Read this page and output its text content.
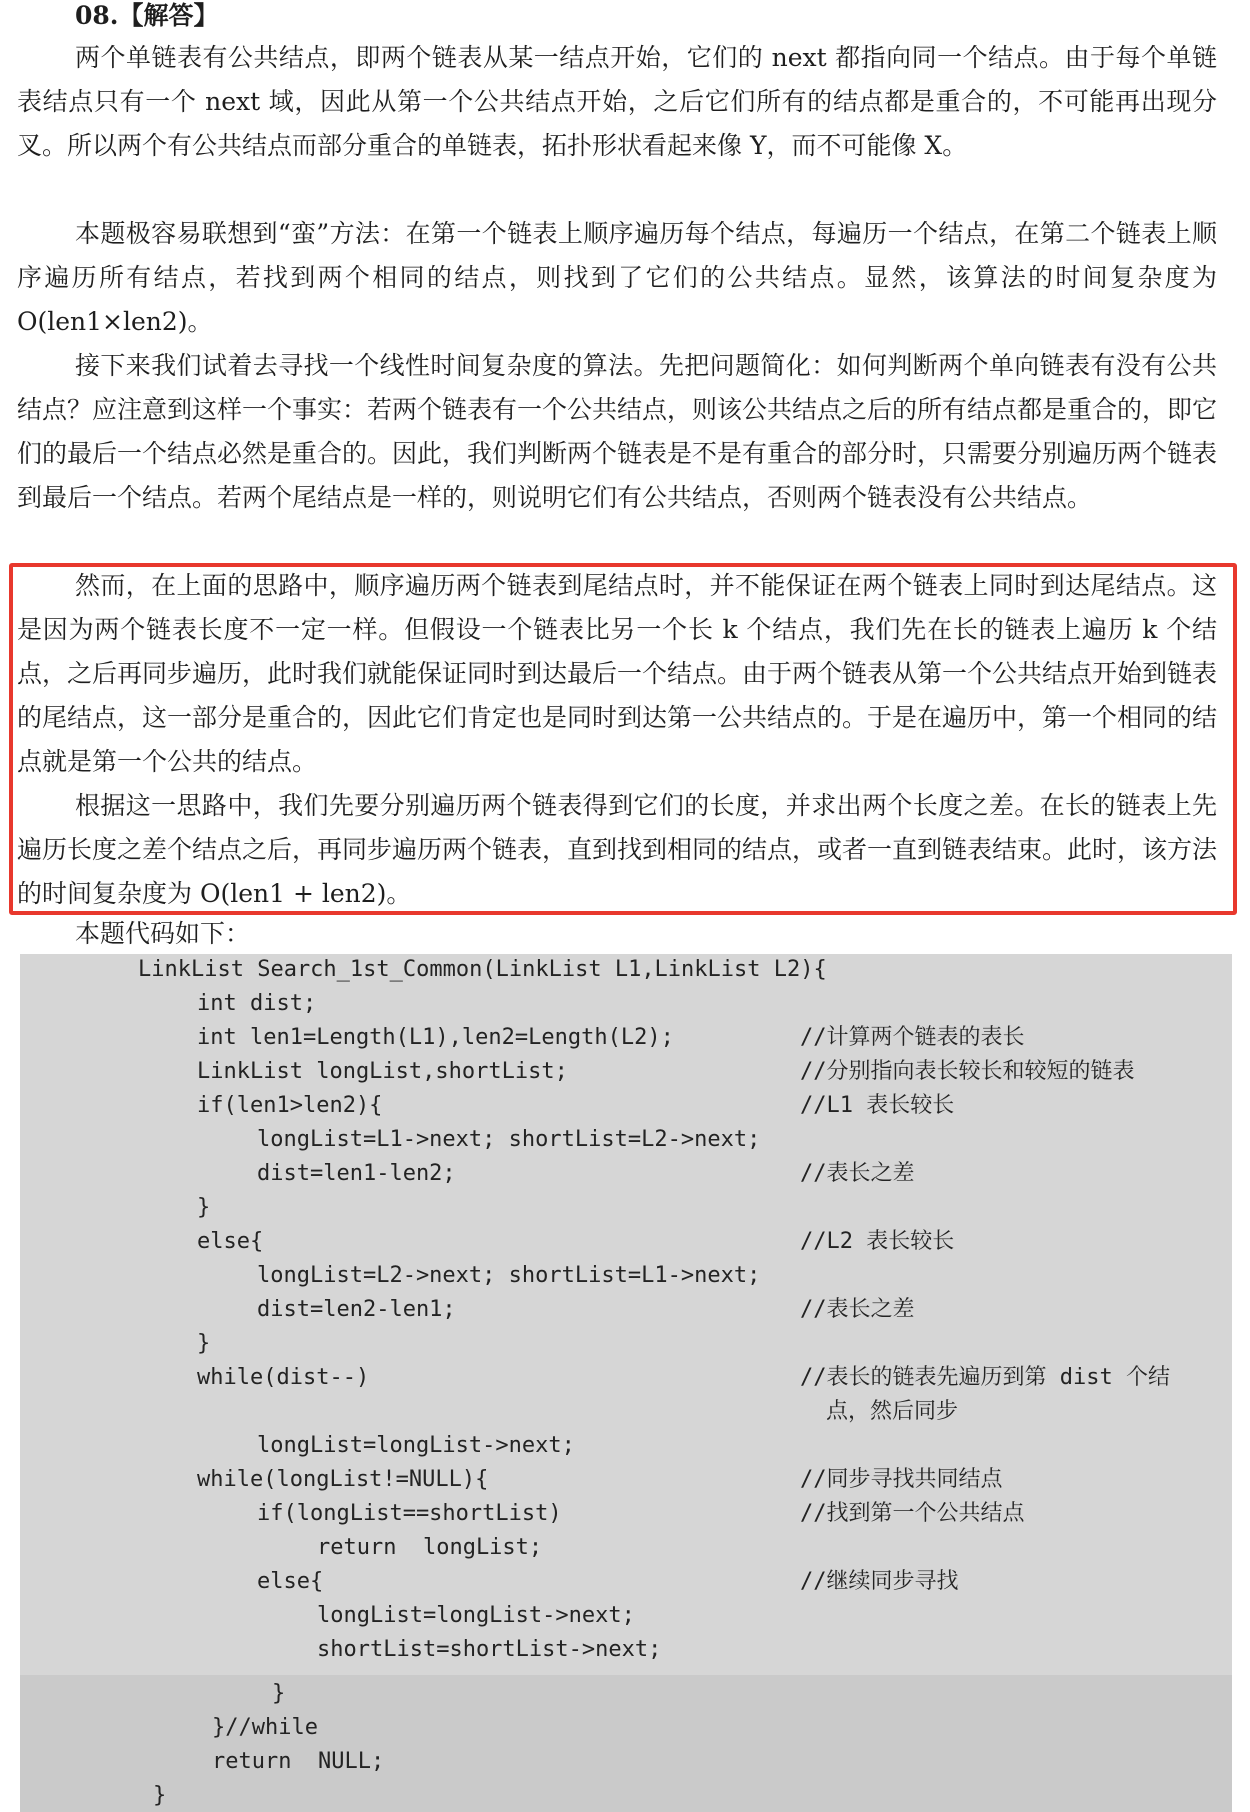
08.【解答】

两个单链表有公共结点，即两个链表从某一结点开始，它们的 next 都指向同一个结点。由于每个单链表结点只有一个 next 域，因此从第一个公共结点开始，之后它们所有的结点都是重合的，不可能再出现分叉。所以两个有公共结点而部分重合的单链表，拓扑形状看起来像 Y，而不可能像 X。

本题极容易联想到“蛮”方法：在第一个链表上顺序遍历每个结点，每遍历一个结点，在第二个链表上顺序遍历所有结点，若找到两个相同的结点，则找到了它们的公共结点。显然，该算法的时间复杂度为 O(len1×len2)。

接下来我们试着去寻找一个线性时间复杂度的算法。先把问题简化：如何判断两个单向链表有没有公共结点？应注意到这样一个事实：若两个链表有一个公共结点，则该公共结点之后的所有结点都是重合的，即它们的最后一个结点必然是重合的。因此，我们判断两个链表是不是有重合的部分时，只需要分别遍历两个链表到最后一个结点。若两个尾结点是一样的，则说明它们有公共结点，否则两个链表没有公共结点。

然而，在上面的思路中，顺序遍历两个链表到尾结点时，并不能保证在两个链表上同时到达尾结点。这是因为两个链表长度不一定一样。但假设一个链表比另一个长 k 个结点，我们先在长的链表上遍历 k 个结点，之后再同步遍历，此时我们就能保证同时到达最后一个结点。由于两个链表从第一个公共结点开始到链表的尾结点，这一部分是重合的，因此它们肯定也是同时到达第一公共结点的。于是在遍历中，第一个相同的结点就是第一个公共的结点。

根据这一思路中，我们先要分别遍历两个链表得到它们的长度，并求出两个长度之差。在长的链表上先遍历长度之差个结点之后，再同步遍历两个链表，直到找到相同的结点，或者一直到链表结束。此时，该方法的时间复杂度为 O(len1 + len2)。

本题代码如下：
LinkList Search_1st_Common(LinkList L1,LinkList L2){
int dist;
int len1=Length(L1),len2=Length(L2);
LinkList longList,shortList;
if(len1>len2){
longList=L1->next; shortList=L2->next;
dist=len1-len2;
}
else{
longList=L2->next; shortList=L1->next;
dist=len2-len1;
}
while(dist--)
longList=longList->next;
while(longList!=NULL){
if(longList==shortList)
return  longList;
else{
longList=longList->next;
shortList=shortList->next;
}
}//while
return  NULL;
}
//计算两个链表的表长
//分别指向表长较长和较短的链表
//L1 表长较长
//表长之差
//L2 表长较长
//表长之差
//表长的链表先遍历到第 dist 个结
点，然后同步
//同步寻找共同结点
//找到第一个公共结点
//继续同步寻找
